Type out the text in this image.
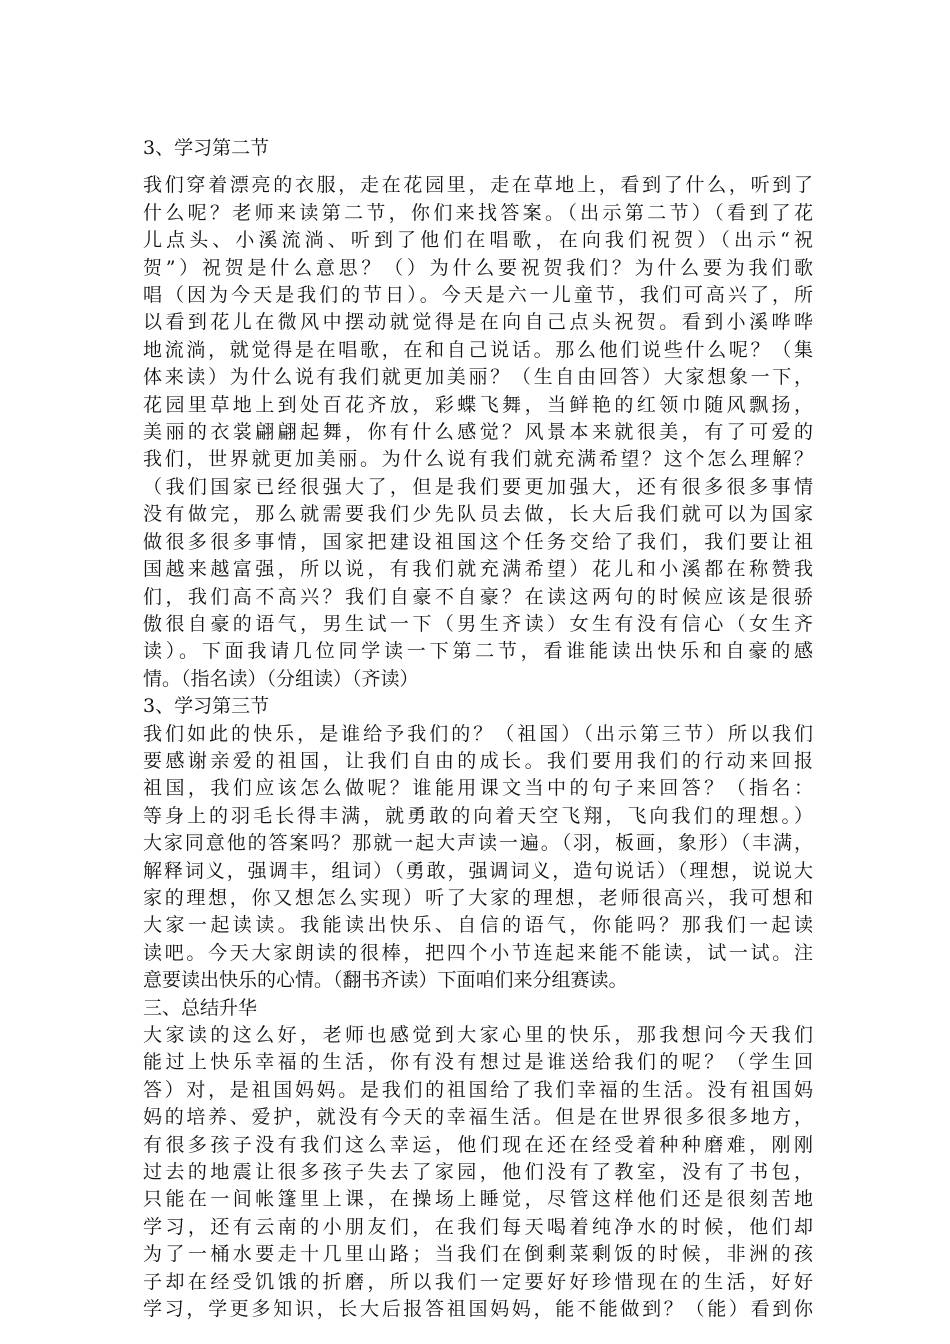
3、学习第二节
我们穿着漂亮的衣服，走在花园里，走在草地上，看到了什么，听到了
什么呢？老师来读第二节，你们来找答案。（出示第二节）（看到了花
儿点头、小溪流淌、听到了他们在唱歌，在向我们祝贺）（出示“祝
贺”）祝贺是什么意思？（）为什么要祝贺我们？为什么要为我们歌
唱（因为今天是我们的节日）。今天是六一儿童节，我们可高兴了，所
以看到花儿在微风中摆动就觉得是在向自己点头祝贺。看到小溪哗哗
地流淌，就觉得是在唱歌，在和自己说话。那么他们说些什么呢？（集
体来读）为什么说有我们就更加美丽？（生自由回答）大家想象一下，
花园里草地上到处百花齐放，彩蝶飞舞，当鲜艳的红领巾随风飘扬，
美丽的衣裳翩翩起舞，你有什么感觉？风景本来就很美，有了可爱的
我们，世界就更加美丽。为什么说有我们就充满希望？这个怎么理解？
（我们国家已经很强大了，但是我们要更加强大，还有很多很多事情
没有做完，那么就需要我们少先队员去做，长大后我们就可以为国家
做很多很多事情，国家把建设祖国这个任务交给了我们，我们要让祖
国越来越富强，所以说，有我们就充满希望）花儿和小溪都在称赞我
们，我们高不高兴？我们自豪不自豪？在读这两句的时候应该是很骄
傲很自豪的语气，男生试一下（男生齐读）女生有没有信心（女生齐
读）。下面我请几位同学读一下第二节，看谁能读出快乐和自豪的感
情。（指名读）（分组读）（齐读）
3、学习第三节
我们如此的快乐，是谁给予我们的？（祖国）（出示第三节）所以我们
要感谢亲爱的祖国，让我们自由的成长。我们要用我们的行动来回报
祖国，我们应该怎么做呢？谁能用课文当中的句子来回答？（指名：
等身上的羽毛长得丰满，就勇敢的向着天空飞翔，飞向我们的理想。）
大家同意他的答案吗？那就一起大声读一遍。（羽，板画，象形）（丰满，
解释词义，强调丰，组词）（勇敢，强调词义，造句说话）（理想，说说大
家的理想，你又想怎么实现）听了大家的理想，老师很高兴，我可想和
大家一起读读。我能读出快乐、自信的语气，你能吗？那我们一起读
读吧。今天大家朗读的很棒，把四个小节连起来能不能读，试一试。注
意要读出快乐的心情。（翻书齐读）下面咱们来分组赛读。
三、总结升华
大家读的这么好，老师也感觉到大家心里的快乐，那我想问今天我们
能过上快乐幸福的生活，你有没有想过是谁送给我们的呢？（学生回
答）对，是祖国妈妈。是我们的祖国给了我们幸福的生活。没有祖国妈
妈的培养、爱护，就没有今天的幸福生活。但是在世界很多很多地方，
有很多孩子没有我们这么幸运，他们现在还在经受着种种磨难，刚刚
过去的地震让很多孩子失去了家园，他们没有了教室，没有了书包，
只能在一间帐篷里上课，在操场上睡觉，尽管这样他们还是很刻苦地
学习，还有云南的小朋友们，在我们每天喝着纯净水的时候，他们却
为了一桶水要走十几里山路；当我们在倒剩菜剩饭的时候，非洲的孩
子却在经受饥饿的折磨，所以我们一定要好好珍惜现在的生活，好好
学习，学更多知识，长大后报答祖国妈妈，能不能做到？（能）看到你
